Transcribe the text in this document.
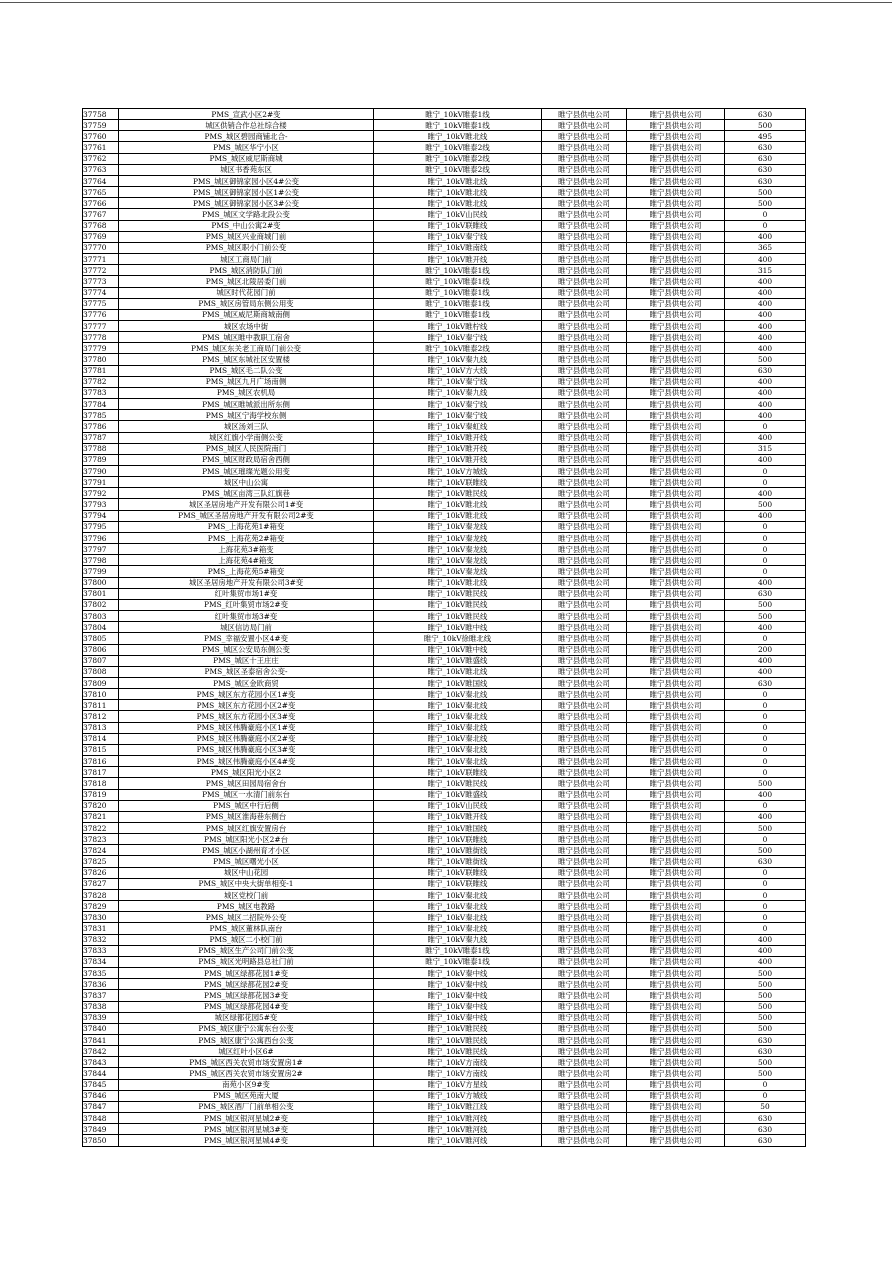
37758	PMS_宣武小区2#变	睢宁_10kV睢泰1线	睢宁县供电公司	睢宁县供电公司	630
37759	城区供销合作总社综合楼	睢宁_10kV睢泰1线	睢宁县供电公司	睢宁县供电公司	500
37760	PMS_城区碧园商铺北合-	睢宁_10kV睢北线	睢宁县供电公司	睢宁县供电公司	495
37761	PMS_城区华宁小区	睢宁_10kV睢泰2线	睢宁县供电公司	睢宁县供电公司	630
37762	PMS_城区威尼斯商城	睢宁_10kV睢泰2线	睢宁县供电公司	睢宁县供电公司	630
37763	城区书香苑东区	睢宁_10kV睢泰2线	睢宁县供电公司	睢宁县供电公司	630
37764	PMS_城区御锦家园小区4#公变	睢宁_10kV睢北线	睢宁县供电公司	睢宁县供电公司	630
37765	PMS_城区御锦家园小区1#公变	睢宁_10kV睢北线	睢宁县供电公司	睢宁县供电公司	500
37766	PMS_城区御锦家园小区3#公变	睢宁_10kV睢北线	睢宁县供电公司	睢宁县供电公司	500
37767	PMS_城区文学路北段公变	睢宁_10kV山民线	睢宁县供电公司	睢宁县供电公司	0
37768	PMS_中山公寓2#变	睢宁_10kV联睢线	睢宁县供电公司	睢宁县供电公司	0
37769	PMS_城区兴业商城门前	睢宁_10kV秦宁线	睢宁县供电公司	睢宁县供电公司	400
37770	PMS_城区职小门前公变	睢宁_10kV睢南线	睢宁县供电公司	睢宁县供电公司	365
37771	城区工商局门前	睢宁_10kV睢开线	睢宁县供电公司	睢宁县供电公司	400
37772	PMS_城区消防队门前	睢宁_10kV睢泰1线	睢宁县供电公司	睢宁县供电公司	315
37773	PMS_城区北陵居委门前	睢宁_10kV睢泰1线	睢宁县供电公司	睢宁县供电公司	400
37774	城区时代花园门前	睢宁_10kV睢泰1线	睢宁县供电公司	睢宁县供电公司	400
37775	PMS_城区房管局东侧公用变	睢宁_10kV睢泰1线	睢宁县供电公司	睢宁县供电公司	400
37776	PMS_城区威尼斯商城南侧	睢宁_10kV睢泰1线	睢宁县供电公司	睢宁县供电公司	400
37777	城区农场中街	睢宁_10kV睢柠线	睢宁县供电公司	睢宁县供电公司	400
37778	PMS_城区睢中教职工宿舍	睢宁_10kV秦宁线	睢宁县供电公司	睢宁县供电公司	400
37779	PMS_城区东关老工商局门前公变	睢宁_10kV睢泰2线	睢宁县供电公司	睢宁县供电公司	400
37780	PMS_城区东城社区安置楼	睢宁_10kV秦九线	睢宁县供电公司	睢宁县供电公司	500
37781	PMS_城区毛二队公变	睢宁_10kV方大线	睢宁县供电公司	睢宁县供电公司	630
37782	PMS_城区九月广场南侧	睢宁_10kV秦宁线	睢宁县供电公司	睢宁县供电公司	400
37783	PMS_城区农机局	睢宁_10kV秦九线	睢宁县供电公司	睢宁县供电公司	400
37784	PMS_城区睢城派出所东侧	睢宁_10kV秦宁线	睢宁县供电公司	睢宁县供电公司	400
37785	PMS_城区宁海学校东侧	睢宁_10kV秦宁线	睢宁县供电公司	睢宁县供电公司	400
37786	城区汤刘三队	睢宁_10kV秦虹线	睢宁县供电公司	睢宁县供电公司	0
37787	城区红旗小学南侧公变	睢宁_10kV睢开线	睢宁县供电公司	睢宁县供电公司	400
37788	PMS_城区人民医院南门	睢宁_10kV睢开线	睢宁县供电公司	睢宁县供电公司	315
37789	PMS_城区财政局宿舍西侧	睢宁_10kV睢开线	睢宁县供电公司	睢宁县供电公司	400
37790	PMS_城区璀璨光题公用变	睢宁_10kV方城线	睢宁县供电公司	睢宁县供电公司	0
37791	城区中山公寓	睢宁_10kV联睢线	睢宁县供电公司	睢宁县供电公司	0
37792	PMS_城区亩湾三队红旗巷	睢宁_10kV睢民线	睢宁县供电公司	睢宁县供电公司	400
37793	城区圣居房地产开发有限公司1#变	睢宁_10kV睢北线	睢宁县供电公司	睢宁县供电公司	500
37794	PMS_城区圣居房地产开发有限公司2#变	睢宁_10kV睢北线	睢宁县供电公司	睢宁县供电公司	400
37795	PMS_上海花苑1#箱变	睢宁_10kV秦龙线	睢宁县供电公司	睢宁县供电公司	0
37796	PMS_上海花苑2#箱变	睢宁_10kV秦龙线	睢宁县供电公司	睢宁县供电公司	0
37797	上海花苑3#箱变	睢宁_10kV秦龙线	睢宁县供电公司	睢宁县供电公司	0
37798	上海花苑4#箱变	睢宁_10kV秦龙线	睢宁县供电公司	睢宁县供电公司	0
37799	PMS_上海花苑5#箱变	睢宁_10kV秦龙线	睢宁县供电公司	睢宁县供电公司	0
37800	城区圣居房地产开发有限公司3#变	睢宁_10kV睢北线	睢宁县供电公司	睢宁县供电公司	400
37801	红叶集贸市场1#变	睢宁_10kV睢民线	睢宁县供电公司	睢宁县供电公司	630
37802	PMS_红叶集贸市场2#变	睢宁_10kV睢民线	睢宁县供电公司	睢宁县供电公司	500
37803	红叶集贸市场3#变	睢宁_10kV睢民线	睢宁县供电公司	睢宁县供电公司	500
37804	城区信访局门前	睢宁_10kV睢中线	睢宁县供电公司	睢宁县供电公司	400
37805	PMS_幸福安置小区4#变	睢宁_10kV徐睢北线	睢宁县供电公司	睢宁县供电公司	0
37806	PMS_城区公安局东侧公变	睢宁_10kV睢中线	睢宁县供电公司	睢宁县供电公司	200
37807	PMS_城区十王庄庄	睢宁_10kV睢盛线	睢宁县供电公司	睢宁县供电公司	400
37808	PMS_城区圣泰宿舍公变-	睢宁_10kV睢北线	睢宁县供电公司	睢宁县供电公司	400
37809	PMS_城区金欧商贸	睢宁_10kV睢国线	睢宁县供电公司	睢宁县供电公司	630
37810	PMS_城区东方花园小区1#变	睢宁_10kV秦北线	睢宁县供电公司	睢宁县供电公司	0
37811	PMS_城区东方花园小区2#变	睢宁_10kV秦北线	睢宁县供电公司	睢宁县供电公司	0
37812	PMS_城区东方花园小区3#变	睢宁_10kV秦北线	睢宁县供电公司	睢宁县供电公司	0
37813	PMS_城区伟腾豪庭小区1#变	睢宁_10kV秦北线	睢宁县供电公司	睢宁县供电公司	0
37814	PMS_城区伟腾豪庭小区2#变	睢宁_10kV秦北线	睢宁县供电公司	睢宁县供电公司	0
37815	PMS_城区伟腾豪庭小区3#变	睢宁_10kV秦北线	睢宁县供电公司	睢宁县供电公司	0
37816	PMS_城区伟腾豪庭小区4#变	睢宁_10kV秦北线	睢宁县供电公司	睢宁县供电公司	0
37817	PMS_城区阳光小区2	睢宁_10kV联睢线	睢宁县供电公司	睢宁县供电公司	0
37818	PMS_城区田园局宿舍台	睢宁_10kV睢民线	睢宁县供电公司	睢宁县供电公司	500
37819	PMS_城区一水清门前东台	睢宁_10kV睢盛线	睢宁县供电公司	睢宁县供电公司	400
37820	PMS_城区中行后侧	睢宁_10kV山民线	睢宁县供电公司	睢宁县供电公司	0
37821	PMS_城区淮海巷东侧台	睢宁_10kV睢开线	睢宁县供电公司	睢宁县供电公司	400
37822	PMS_城区红旗安置房台	睢宁_10kV睢国线	睢宁县供电公司	睢宁县供电公司	500
37823	PMS_城区阳光小区2#台	睢宁_10kV联睢线	睢宁县供电公司	睢宁县供电公司	0
37824	PMS_城区小湖州育才小区	睢宁_10kV睢街线	睢宁县供电公司	睢宁县供电公司	500
37825	PMS_城区曙光小区	睢宁_10kV睢街线	睢宁县供电公司	睢宁县供电公司	630
37826	城区中山花园	睢宁_10kV联睢线	睢宁县供电公司	睢宁县供电公司	0
37827	PMS_城区中央大街单相变-1	睢宁_10kV联睢线	睢宁县供电公司	睢宁县供电公司	0
37828	城区党校门前	睢宁_10kV秦北线	睢宁县供电公司	睢宁县供电公司	0
37829	PMS_城区电教路	睢宁_10kV秦北线	睢宁县供电公司	睢宁县供电公司	0
37830	PMS_城区二招院外公变	睢宁_10kV秦北线	睢宁县供电公司	睢宁县供电公司	0
37831	PMS_城区董林队南台	睢宁_10kV秦北线	睢宁县供电公司	睢宁县供电公司	0
37832	PMS_城区二小校门前	睢宁_10kV秦九线	睢宁县供电公司	睢宁县供电公司	400
37833	PMS_城区生产公司门前公变	睢宁_10kV睢泰1线	睢宁县供电公司	睢宁县供电公司	400
37834	PMS_城区光明路县总社门前	睢宁_10kV睢泰1线	睢宁县供电公司	睢宁县供电公司	400
37835	PMS_城区绿都花园1#变	睢宁_10kV秦中线	睢宁县供电公司	睢宁县供电公司	500
37836	PMS_城区绿都花园2#变	睢宁_10kV秦中线	睢宁县供电公司	睢宁县供电公司	500
37837	PMS_城区绿都花园3#变	睢宁_10kV秦中线	睢宁县供电公司	睢宁县供电公司	500
37838	PMS_城区绿都花园4#变	睢宁_10kV秦中线	睢宁县供电公司	睢宁县供电公司	500
37839	城区绿都花园5#变	睢宁_10kV秦中线	睢宁县供电公司	睢宁县供电公司	500
37840	PMS_城区康宁公寓东台公变	睢宁_10kV睢民线	睢宁县供电公司	睢宁县供电公司	500
37841	PMS_城区康宁公寓西台公变	睢宁_10kV睢民线	睢宁县供电公司	睢宁县供电公司	630
37842	城区红叶小区6#	睢宁_10kV睢民线	睢宁县供电公司	睢宁县供电公司	630
37843	PMS_城区西关农贸市场安置房1#	睢宁_10kV方南线	睢宁县供电公司	睢宁县供电公司	500
37844	PMS_城区西关农贸市场安置房2#	睢宁_10kV方南线	睢宁县供电公司	睢宁县供电公司	500
37845	南苑小区9#变	睢宁_10kV方星线	睢宁县供电公司	睢宁县供电公司	0
37846	PMS_城区苑南大厦	睢宁_10kV方城线	睢宁县供电公司	睢宁县供电公司	0
37847	PMS_城区酒厂门前单相公变	睢宁_10kV睢江线	睢宁县供电公司	睢宁县供电公司	50
37848	PMS_城区银河星城2#变	睢宁_10kV睢河线	睢宁县供电公司	睢宁县供电公司	630
37849	PMS_城区银河星城3#变	睢宁_10kV睢河线	睢宁县供电公司	睢宁县供电公司	630
37850	PMS_城区银河星城4#变	睢宁_10kV睢河线	睢宁县供电公司	睢宁县供电公司	630
